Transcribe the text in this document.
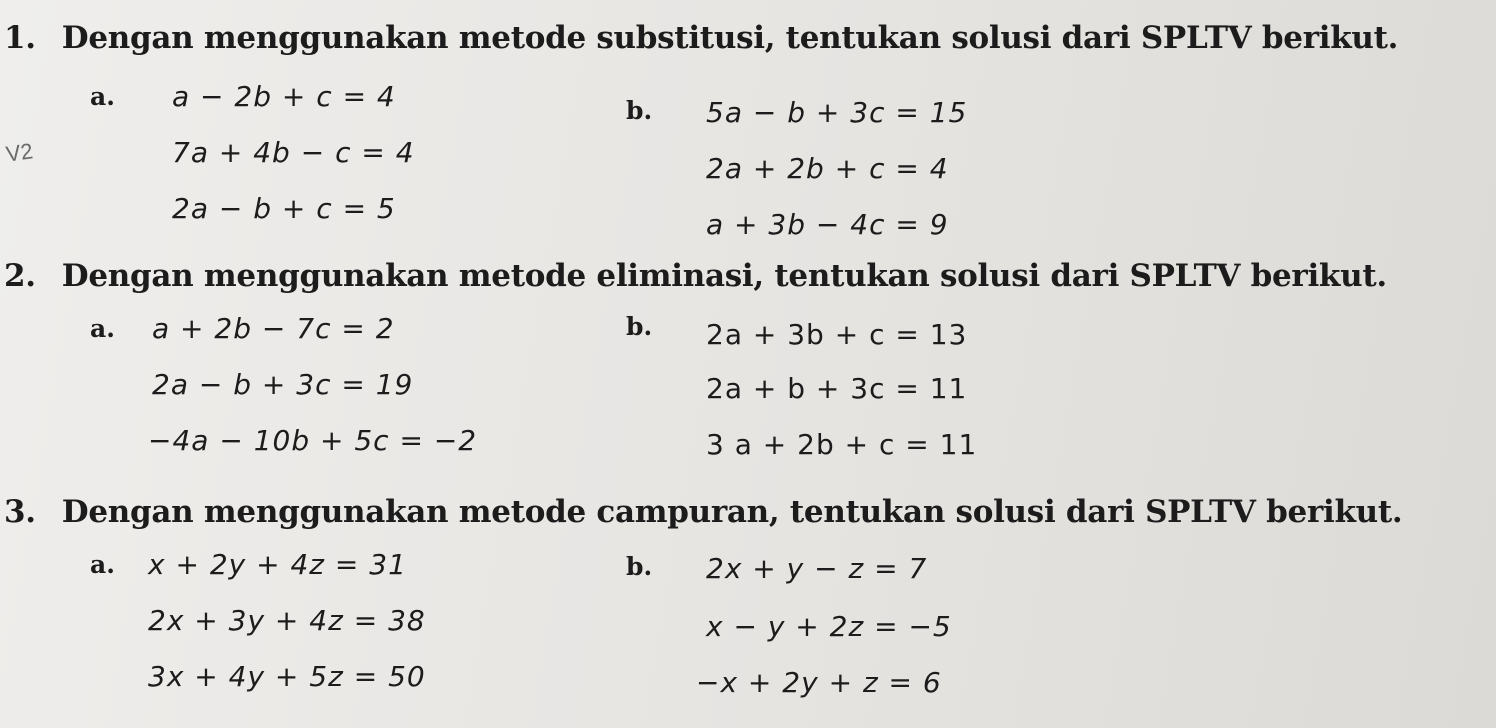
V2
1. Dengan menggunakan metode substitusi, tentukan solusi dari SPLTV berikut.
a. a − 2b + c = 4
7a + 4b − c = 4
2a − b + c = 5
b. 5a − b + 3c = 15
2a + 2b + c = 4
a + 3b − 4c = 9
2. Dengan menggunakan metode eliminasi, tentukan solusi dari SPLTV berikut.
a. a + 2b − 7c = 2
2a − b + 3c = 19
−4a − 10b + 5c = −2
b. 2a + 3b + c = 13
2a + b + 3c = 11
3 a + 2b + c = 11
3. Dengan menggunakan metode campuran, tentukan solusi dari SPLTV berikut.
a. x + 2y + 4z = 31
2x + 3y + 4z = 38
3x + 4y + 5z = 50
b. 2x + y − z = 7
x − y + 2z = −5
−x + 2y + z = 6
